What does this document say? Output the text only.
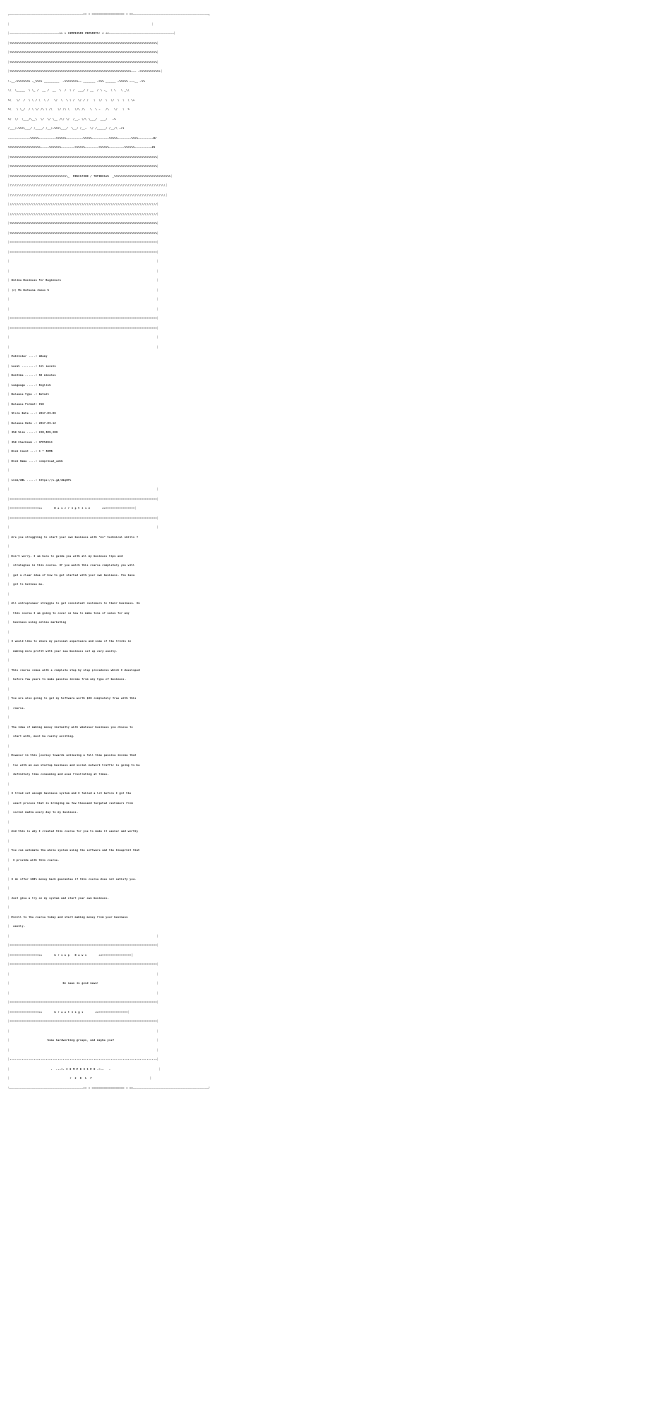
┌───────────────────────────────────────────== = ═══════════════════ = ══────────────────────────────────────────────┐
│	│
│─────────────────────────────>> > COMPRISED PRESENTS! < <<──────────────────────────────────────│
│%%%%%%%%%%%%%%%%%%%%%%%%%%%%%%%%%%%%%%%%%%%%%%%%%%%%%%%%%%%%%%%%%%%%%%%%%%%%%%%%%%%%%%│
│%%%%%%%%%%%%%%%%%%%%%%%%%%%%%%%%%%%%%%%%%%%%%%%%%%%%%%%%%%%%%%%%%%%%%%%%%%%%%%%%%%%%%%│
│%%%%%%%%%%%%%%%%%%%%%%%%%%%%%%%%%%%%%%%%%%%%%%%%%%%%%%%%%%%%%%%%%%%%%%%%%%%%%%%%%%%%%%│
│%%%%%%%%%%%%%%%%%%%%%%%%%%%%%%%%%%%%%%%%%%%%%%%%%%%%%%%%%%%%%%%%%%%%%%%~~~ ~%%%%%%%%%%%%│
!~__~%%%%%%%% ~_%%%% _________  ~%%%%%%%%~~ _______ ~%%% ______ ~%%%%% ~~~__ ~%%
\\  \_____  \ \_ /  __ /  __  \  /  \ /  ___/ / __  / \ ~_  \ \   \ _\\
%\   \/  /  \ \ / \  \ /   \/  \  \ \ /  \/ / /   \  \/  \  \/  \  \  \ \>
%\   \ \_/  / \ \/ /\ \ /\   \/ /\ \   \/\ /\   \  \ ~   /\   \/   \  %
%/  \/  \___/\__\  \/  \/ \__ /\/ \/  /__~ \/\ \___/  ___/   ~%
/___/~%%%\___/ /____/ /__/~%%%\___/  \__/ /__~  \/ /_____/ /__/\ ~rz
~~~~~~~~~~~~~%%%%%~~~~~~~~~~%%%%%%~~~~~~~~~~%%%%%~~~~~~~~~~%%%%%~~~~~~~~%%%%~~~~~~~~~Nr
%%%%%%%%%%%%%%%%%%%~~~~~%%%%%%%~~~~~~~~%%%%%%~~~~~~~~%%%%%%~~~~~~~~~%%%%%%~~~~~~~~~~dS
│%%%%%%%%%%%%%%%%%%%%%%%%%%%%%%%%%%%%%%%%%%%%%%%%%%%%%%%%%%%%%%%%%%%%%%%%%%%%%%%%%%%%%%│
│%%%%%%%%%%%%%%%%%%%%%%%%%%%%%%%%%%%%%%%%%%%%%%%%%%%%%%%%%%%%%%%%%%%%%%%%%%%%%%%%%%%%%%│
│%%%%%%%%%%%%%%%%%%%%%%%%%%%%%%%%%\_  EDUCATION / TUTORIALS  _%%%%%%%%%%%%%%%%%%%%%%%%%%%%%%%%%│
│\\\\\\\\\\\\\\\\\\\\\\\\\\\\\\\\\\\\\\\\\\\\\\\\\\\\\\\\\\\\\\\\\\\\\\\\\\\\\\\\\\\\\\\\\\\│
│\\\\\\\\\\\\\\\\\\\\\\\\\\\\\\\\\\\\\\\\\\\\\\\\\\\\\\\\\\\\\\\\\\\\\\\\\\\\\\\\\\\\\\\\\\\│
│//////////////////////////////////////////////////////////////////////////////////////│
│//////////////////////////////////////////////////////////////////////////////////////│
│%%%%%%%%%%%%%%%%%%%%%%%%%%%%%%%%%%%%%%%%%%%%%%%%%%%%%%%%%%%%%%%%%%%%%%%%%%%%%%%%%%%%%%│
│%%%%%%%%%%%%%%%%%%%%%%%%%%%%%%%%%%%%%%%%%%%%%%%%%%%%%%%%%%%%%%%%%%%%%%%%%%%%%%%%%%%%%%│
│======================================================================================│
│======================================================================================│
│                                                                                      │
│                                                                                      │
│ Online Business For Beginners	│
│ (c) Ms Rufeena Jones S	│
│                                                                                      │
│                                                                                      │
│======================================================================================│
│======================================================================================│
│                                                                                      │
│                                                                                      │
│ Publisher ....: Udemy
│ Level ........: All Levels
│ Runtime ......: 80 minutes
│ Language .....: English
│ Release Type .: Retail
│ Release Format: ISO
│ Store Date ...: 2017.03.06
│ Release Date .: 2017.03.12
│ ISO Size .....: 150,886,400
│ ISO Checksum .: 4FE5A514
│ Disk Count ...: 4 * 50MB
│ Disk Name ....: comprised_uobb
│
│ Link/URL .....: https://v.gd/dkq0YL
│                                                                                      │
│======================================================================================│
│=================>>	D e s c r i p t i o n	<<=================│
│======================================================================================│
│                                                                                      │
│ Are you struggling to start your own business with "no" technical skills ?
│
│ Don't worry. I am here to guide you with all my business tips and
│  strategies in this course. If you watch this course completely you will
│  get a clear idea of how to get started with your own business. You have
│  got to believe me.
│
│ All entrepreneur struggle to get consistent customers to their business. In
│  this course I am going to cover on how to make tons of sales for any
│  business using online marketing
│
│ I would like to share my personal experience and some of the tricks in
│  making more profit with your new business set up very easily.
│
│ This course comes with a complete step by step procedures which I developed
│  before few years to make passive income from any type of business.
│
│ You are also going to get my Software worth $69 completely free with this
│  course.
│
│ The idea of making money instantly with whatever business you choose to
│  start with, must be really exciting.
│
│ However in this journey towards achieving a full time passive income that
│  too with an own startup business and social network traffic is going to be
│  definitely time consuming and even frustrating at times.
│
│ I tried out enough business system and I failed a lot before I got the
│  exact process that is bringing me few thousand targeted customers from
│  social media every day to my business.
│
│ And this is why I created this course for you to make it easier and worthy
│
│ You can automate the whole system using the software and the blueprint that
│  I provide with this course.
│
│ I do offer 100% money back guarantee if this course does not satisfy you.
│
│ Just give a try on my system and start your own business.
│
│ Enroll to the course today and start making money from your business
│  easily.
│                                                                                      │
│======================================================================================│
│=================>>	G r o u p   N e w s	<<=================│
│======================================================================================│
│                                                                                      │
│	No news is good news!	│
│                                                                                      │
│======================================================================================│
│=================>>	G r e e t i n g s	<<=================│
│======================================================================================│
│                                                                                      │
│	Some hardworking groups, and maybe you?	│
│                                                                                      │
│--------------------------------------------------------------------------------------│
│	-  ---=- C O M P R I S E D -=--   -	│
│	r  2  0  1  7	│
└───────────────────────────────────────────== = ═══════════════════ = ══────────────────────────────────────────────┘
